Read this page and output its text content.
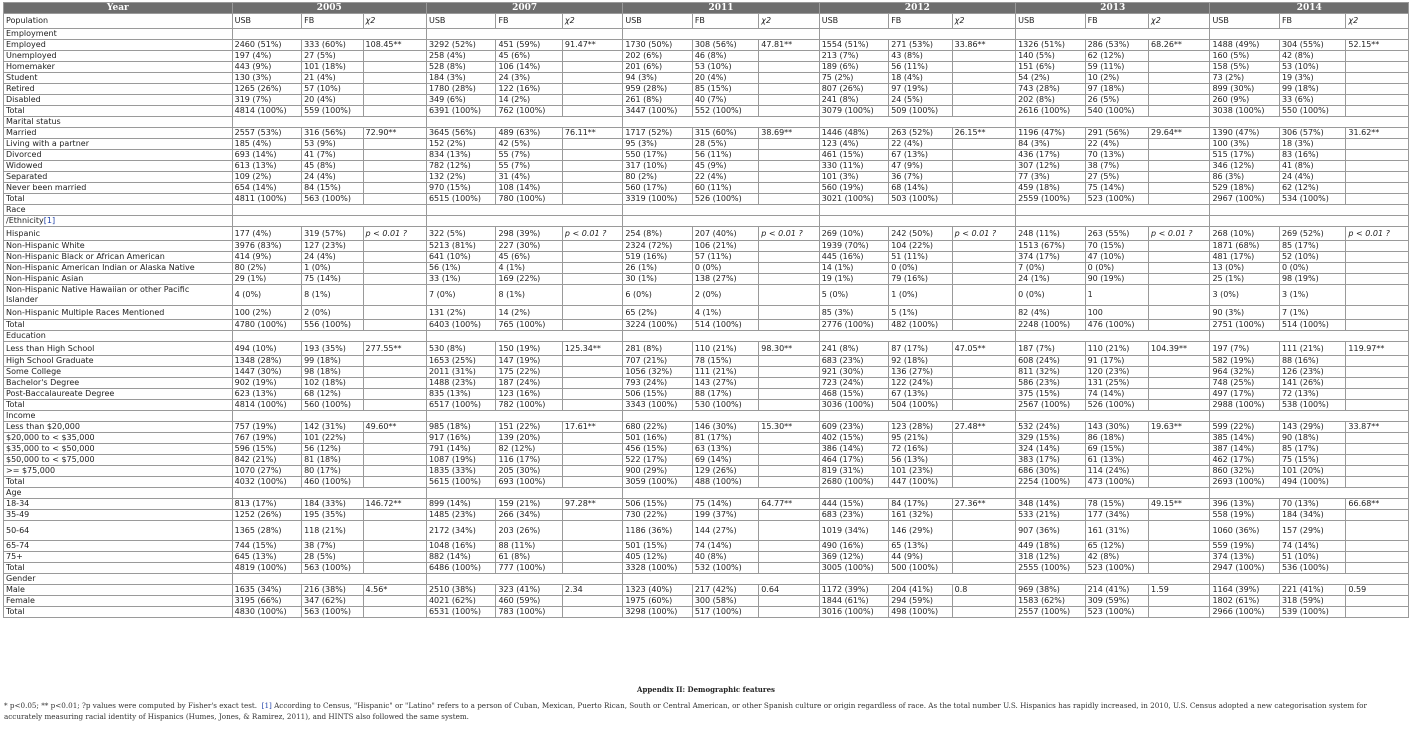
Year	2005			2007			2011			2012			2013			2014		
Population	USB	FB	χ2	USB	FB	χ2	USB	FB	χ2	USB	FB	χ2	USB	FB	χ2	USB	FB	χ2
Employment																		
Employed	2460 (51%)	333 (60%)	108.45**	3292 (52%)	451 (59%)	91.47**	1730 (50%)	308 (56%)	47.81**	1554 (51%)	271 (53%)	33.86**	1326 (51%)	286 (53%)	68.26**	1488 (49%)	304 (55%)	52.15**
Unemployed	197 (4%)	27 (5%)		258 (4%)	45 (6%)		202 (6%)	46 (8%)		213 (7%)	43 (8%)		140 (5%)	62 (12%)		160 (5%)	42 (8%)	
Homemaker	443 (9%)	101 (18%)		528 (8%)	106 (14%)		201 (6%)	53 (10%)		189 (6%)	56 (11%)		151 (6%)	59 (11%)		158 (5%)	53 (10%)	
Student	130 (3%)	21 (4%)		184 (3%)	24 (3%)		94 (3%)	20 (4%)		75 (2%)	18 (4%)		54 (2%)	10 (2%)		73 (2%)	19 (3%)	
Retired	1265 (26%)	57 (10%)		1780 (28%)	122 (16%)		959 (28%)	85 (15%)		807 (26%)	97 (19%)		743 (28%)	97 (18%)		899 (30%)	99 (18%)	
Disabled	319 (7%)	20 (4%)		349 (6%)	14 (2%)		261 (8%)	40 (7%)		241 (8%)	24 (5%)		202 (8%)	26 (5%)		260 (9%)	33 (6%)	
Total	4814 (100%)	559 (100%)		6391 (100%)	762 (100%)		3447 (100%)	552 (100%)		3079 (100%)	509 (100%)		2616 (100%)	540 (100%)		3038 (100%)	550 (100%)	
Marital status																		
Married	2557 (53%)	316 (56%)	72.90**	3645 (56%)	489 (63%)	76.11**	1717 (52%)	315 (60%)	38.69**	1446 (48%)	263 (52%)	26.15**	1196 (47%)	291 (56%)	29.64**	1390 (47%)	306 (57%)	31.62**
Living with a partner	185 (4%)	53 (9%)		152 (2%)	42 (5%)		95 (3%)	28 (5%)		123 (4%)	22 (4%)		84 (3%)	22 (4%)		100 (3%)	18 (3%)	
Divorced	693 (14%)	41 (7%)		834 (13%)	55 (7%)		550 (17%)	56 (11%)		461 (15%)	67 (13%)		436 (17%)	70 (13%)		515 (17%)	83 (16%)	
Widowed	613 (13%)	45 (8%)		782 (12%)	55 (7%)		317 (10%)	45 (9%)		330 (11%)	47 (9%)		307 (12%)	38 (7%)		346 (12%)	41 (8%)	
Separated	109 (2%)	24 (4%)		132 (2%)	31 (4%)		80 (2%)	22 (4%)		101 (3%)	36 (7%)		77 (3%)	27 (5%)		86 (3%)	24 (4%)	
Never been married	654 (14%)	84 (15%)		970 (15%)	108 (14%)		560 (17%)	60 (11%)		560 (19%)	68 (14%)		459 (18%)	75 (14%)		529 (18%)	62 (12%)	
Total	4811 (100%)	563 (100%)		6515 (100%)	780 (100%)		3319 (100%)	526 (100%)		3021 (100%)	503 (100%)		2559 (100%)	523 (100%)		2967 (100%)	534 (100%)	
Race																		
/Ethnicity[1]																		
Hispanic	177 (4%)	319 (57%)	p < 0.01 ?	322 (5%)	298 (39%)	p < 0.01 ?	254 (8%)	207 (40%)	p < 0.01 ?	269 (10%)	242 (50%)	p < 0.01 ?	248 (11%)	263 (55%)	p < 0.01 ?	268 (10%)	269 (52%)	p < 0.01 ?
Non-Hispanic White	3976 (83%)	127 (23%)		5213 (81%)	227 (30%)		2324 (72%)	106 (21%)		1939 (70%)	104 (22%)		1513 (67%)	70 (15%)		1871 (68%)	85 (17%)	
Non-Hispanic Black or African American	414 (9%)	24 (4%)		641 (10%)	45 (6%)		519 (16%)	57 (11%)		445 (16%)	51 (11%)		374 (17%)	47 (10%)		481 (17%)	52 (10%)	
Non-Hispanic American Indian or Alaska Native	80 (2%)	1 (0%)		56 (1%)	4 (1%)		26 (1%)	0 (0%)		14 (1%)	0 (0%)		7 (0%)	0 (0%)		13 (0%)	0 (0%)	
Non-Hispanic Asian	29 (1%)	75 (14%)		33 (1%)	169 (22%)		30 (1%)	138 (27%)		19 (1%)	79 (16%)		24 (1%)	90 (19%)		25 (1%)	98 (19%)	

Non-Hispanic Native Hawaiian or other Pacific
Islander	4 (0%)	8 (1%)		7 (0%)	8 (1%)		6 (0%)	2 (0%)		5 (0%)	1 (0%)		0 (0%)	1		3 (0%)	3 (1%)	
Non-Hispanic Multiple Races Mentioned	100 (2%)	2 (0%)		131 (2%)	14 (2%)		65 (2%)	4 (1%)		85 (3%)	5 (1%)		82 (4%)	100		90 (3%)	7 (1%)	
Total	4780 (100%)	556 (100%)		6403 (100%)	765 (100%)		3224 (100%)	514 (100%)		2776 (100%)	482 (100%)		2248 (100%)	476 (100%)		2751 (100%)	514 (100%)	
Education																		
Less than High School	494 (10%)	193 (35%)	277.55**	530 (8%)	150 (19%)	125.34**	281 (8%)	110 (21%)	98.30**	241 (8%)	87 (17%)	47.05**	187 (7%)	110 (21%)	104.39**	197 (7%)	111 (21%)	119.97**
High School Graduate	1348 (28%)	99 (18%)		1653 (25%)	147 (19%)		707 (21%)	78 (15%)		683 (23%)	92 (18%)		608 (24%)	91 (17%)		582 (19%)	88 (16%)	
Some College	1447 (30%)	98 (18%)		2011 (31%)	175 (22%)		1056 (32%)	111 (21%)		921 (30%)	136 (27%)		811 (32%)	120 (23%)		964 (32%)	126 (23%)	
Bachelor's Degree	902 (19%)	102 (18%)		1488 (23%)	187 (24%)		793 (24%)	143 (27%)		723 (24%)	122 (24%)		586 (23%)	131 (25%)		748 (25%)	141 (26%)	
Post-Baccalaureate Degree	623 (13%)	68 (12%)		835 (13%)	123 (16%)		506 (15%)	88 (17%)		468 (15%)	67 (13%)		375 (15%)	74 (14%)		497 (17%)	72 (13%)	
Total	4814 (100%)	560 (100%)		6517 (100%)	782 (100%)		3343 (100%)	530 (100%)		3036 (100%)	504 (100%)		2567 (100%)	526 (100%)		2988 (100%)	538 (100%)	
Income																		
Less than $20,000	757 (19%)	142 (31%)	49.60**	985 (18%)	151 (22%)	17.61**	680 (22%)	146 (30%)	15.30**	609 (23%)	123 (28%)	27.48**	532 (24%)	143 (30%)	19.63**	599 (22%)	143 (29%)	33.87**
$20,000 to < $35,000	767 (19%)	101 (22%)		917 (16%)	139 (20%)		501 (16%)	81 (17%)		402 (15%)	95 (21%)		329 (15%)	86 (18%)		385 (14%)	90 (18%)	
$35,000 to < $50,000	596 (15%)	56 (12%)		791 (14%)	82 (12%)		456 (15%)	63 (13%)		386 (14%)	72 (16%)		324 (14%)	69 (15%)		387 (14%)	85 (17%)	
$50,000 to < $75,000	842 (21%)	81 (18%)		1087 (19%)	116 (17%)		522 (17%)	69 (14%)		464 (17%)	56 (13%)		383 (17%)	61 (13%)		462 (17%)	75 (15%)	
>= $75,000	1070 (27%)	80 (17%)		1835 (33%)	205 (30%)		900 (29%)	129 (26%)		819 (31%)	101 (23%)		686 (30%)	114 (24%)		860 (32%)	101 (20%)	
Total	4032 (100%)	460 (100%)		5615 (100%)	693 (100%)		3059 (100%)	488 (100%)		2680 (100%)	447 (100%)		2254 (100%)	473 (100%)		2693 (100%)	494 (100%)	
Age																		
18-34	813 (17%)	184 (33%)	146.72**	899 (14%)	159 (21%)	97.28**	506 (15%)	75 (14%)	64.77**	444 (15%)	84 (17%)	27.36**	348 (14%)	78 (15%)	49.15**	396 (13%)	70 (13%)	66.68**
35-49	1252 (26%)	195 (35%)		1485 (23%)	266 (34%)		730 (22%)	199 (37%)		683 (23%)	161 (32%)		533 (21%)	177 (34%)		558 (19%)	184 (34%)	
50-64	1365 (28%)	118 (21%)		2172 (34%)	203 (26%)		1186 (36%)	144 (27%)		1019 (34%)	146 (29%)		907 (36%)	161 (31%)		1060 (36%)	157 (29%)	
65-74	744 (15%)	38 (7%)		1048 (16%)	88 (11%)		501 (15%)	74 (14%)		490 (16%)	65 (13%)		449 (18%)	65 (12%)		559 (19%)	74 (14%)	
75+	645 (13%)	28 (5%)		882 (14%)	61 (8%)		405 (12%)	40 (8%)		369 (12%)	44 (9%)		318 (12%)	42 (8%)		374 (13%)	51 (10%)	
Total	4819 (100%)	563 (100%)		6486 (100%)	777 (100%)		3328 (100%)	532 (100%)		3005 (100%)	500 (100%)		2555 (100%)	523 (100%)		2947 (100%)	536 (100%)	
Gender																		
Male	1635 (34%)	216 (38%)	4.56*	2510 (38%)	323 (41%)	2.34	1323 (40%)	217 (42%)	0.64	1172 (39%)	204 (41%)	0.8	969 (38%)	214 (41%)	1.59	1164 (39%)	221 (41%)	0.59
Female	3195 (66%)	347 (62%)		4021 (62%)	460 (59%)		1975 (60%)	300 (58%)		1844 (61%)	294 (59%)		1583 (62%)	309 (59%)		1802 (61%)	318 (59%)	
Total	4830 (100%)	563 (100%)		6531 (100%)	783 (100%)		3298 (100%)	517 (100%)		3016 (100%)	498 (100%)		2557 (100%)	523 (100%)		2966 (100%)	539 (100%)	
Appendix II: Demographic features
* p<0.05; ** p<0.01; ?p values were computed by Fisher's exact test. [1] According to Census, "Hispanic" or "Latino" refers to a person of Cuban, Mexican, Puerto Rican, South or Central American, or other Spanish culture or origin regardless of race. As the total number U.S. Hispanics has rapidly increased, in 2010, U.S. Census adopted a new categorisation system for accurately measuring racial identity of Hispanics (Humes, Jones, & Ramirez, 2011), and HINTS also followed the same system.
